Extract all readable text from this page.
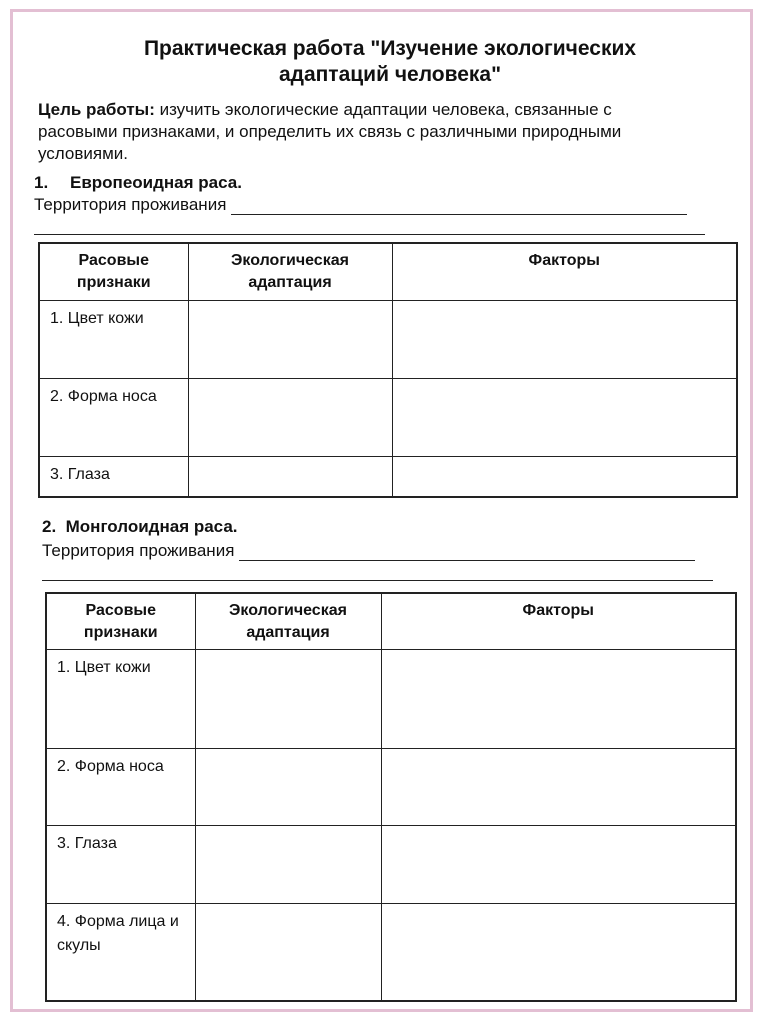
Практическая работа "Изучение экологических адаптаций человека"
Цель работы: изучить экологические адаптации человека, связанные с расовыми признаками, и определить их связь с различными природными условиями.
1. Европеоидная раса.
Территория проживания
Расовые признаки	Экологическая адаптация	Факторы

1. Цвет кожи		

2. Форма носа		

3. Глаза		

2. Монголоидная раса.
Территория проживания
Расовые признаки	Экологическая адаптация	Факторы

1. Цвет кожи		

2. Форма носа		

3. Глаза		

4. Форма лица и скулы		
